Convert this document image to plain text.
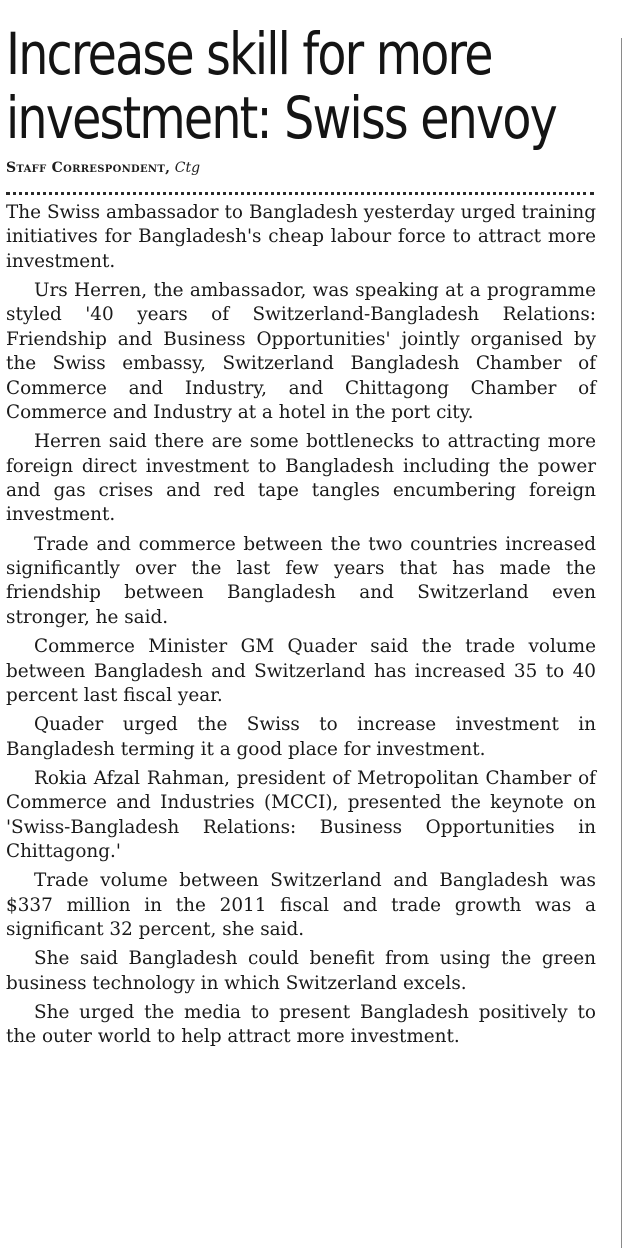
Increase skill for more investment: Swiss envoy
Staff Correspondent, Ctg

The Swiss ambassador to Bangladesh yesterday urged training initiatives for Bangladesh's cheap labour force to attract more investment.

Urs Herren, the ambassador, was speaking at a programme styled '40 years of Switzerland-Bangladesh Relations: Friendship and Business Opportunities' jointly organised by the Swiss embassy, Switzerland Bangladesh Chamber of Commerce and Industry, and Chittagong Chamber of Commerce and Industry at a hotel in the port city.

Herren said there are some bottlenecks to attracting more foreign direct investment to Bangladesh including the power and gas crises and red tape tangles encumbering foreign investment.

Trade and commerce between the two countries increased significantly over the last few years that has made the friendship between Bangladesh and Switzerland even stronger, he said.

Commerce Minister GM Quader said the trade volume between Bangladesh and Switzerland has increased 35 to 40 percent last fiscal year.

Quader urged the Swiss to increase investment in Bangladesh terming it a good place for investment.

Rokia Afzal Rahman, president of Metropolitan Chamber of Commerce and Industries (MCCI), presented the keynote on 'Swiss-Bangladesh Relations: Business Opportunities in Chittagong.'

Trade volume between Switzerland and Bangladesh was $337 million in the 2011 fiscal and trade growth was a significant 32 percent, she said.

She said Bangladesh could benefit from using the green business technology in which Switzerland excels.

She urged the media to present Bangladesh positively to the outer world to help attract more investment.
